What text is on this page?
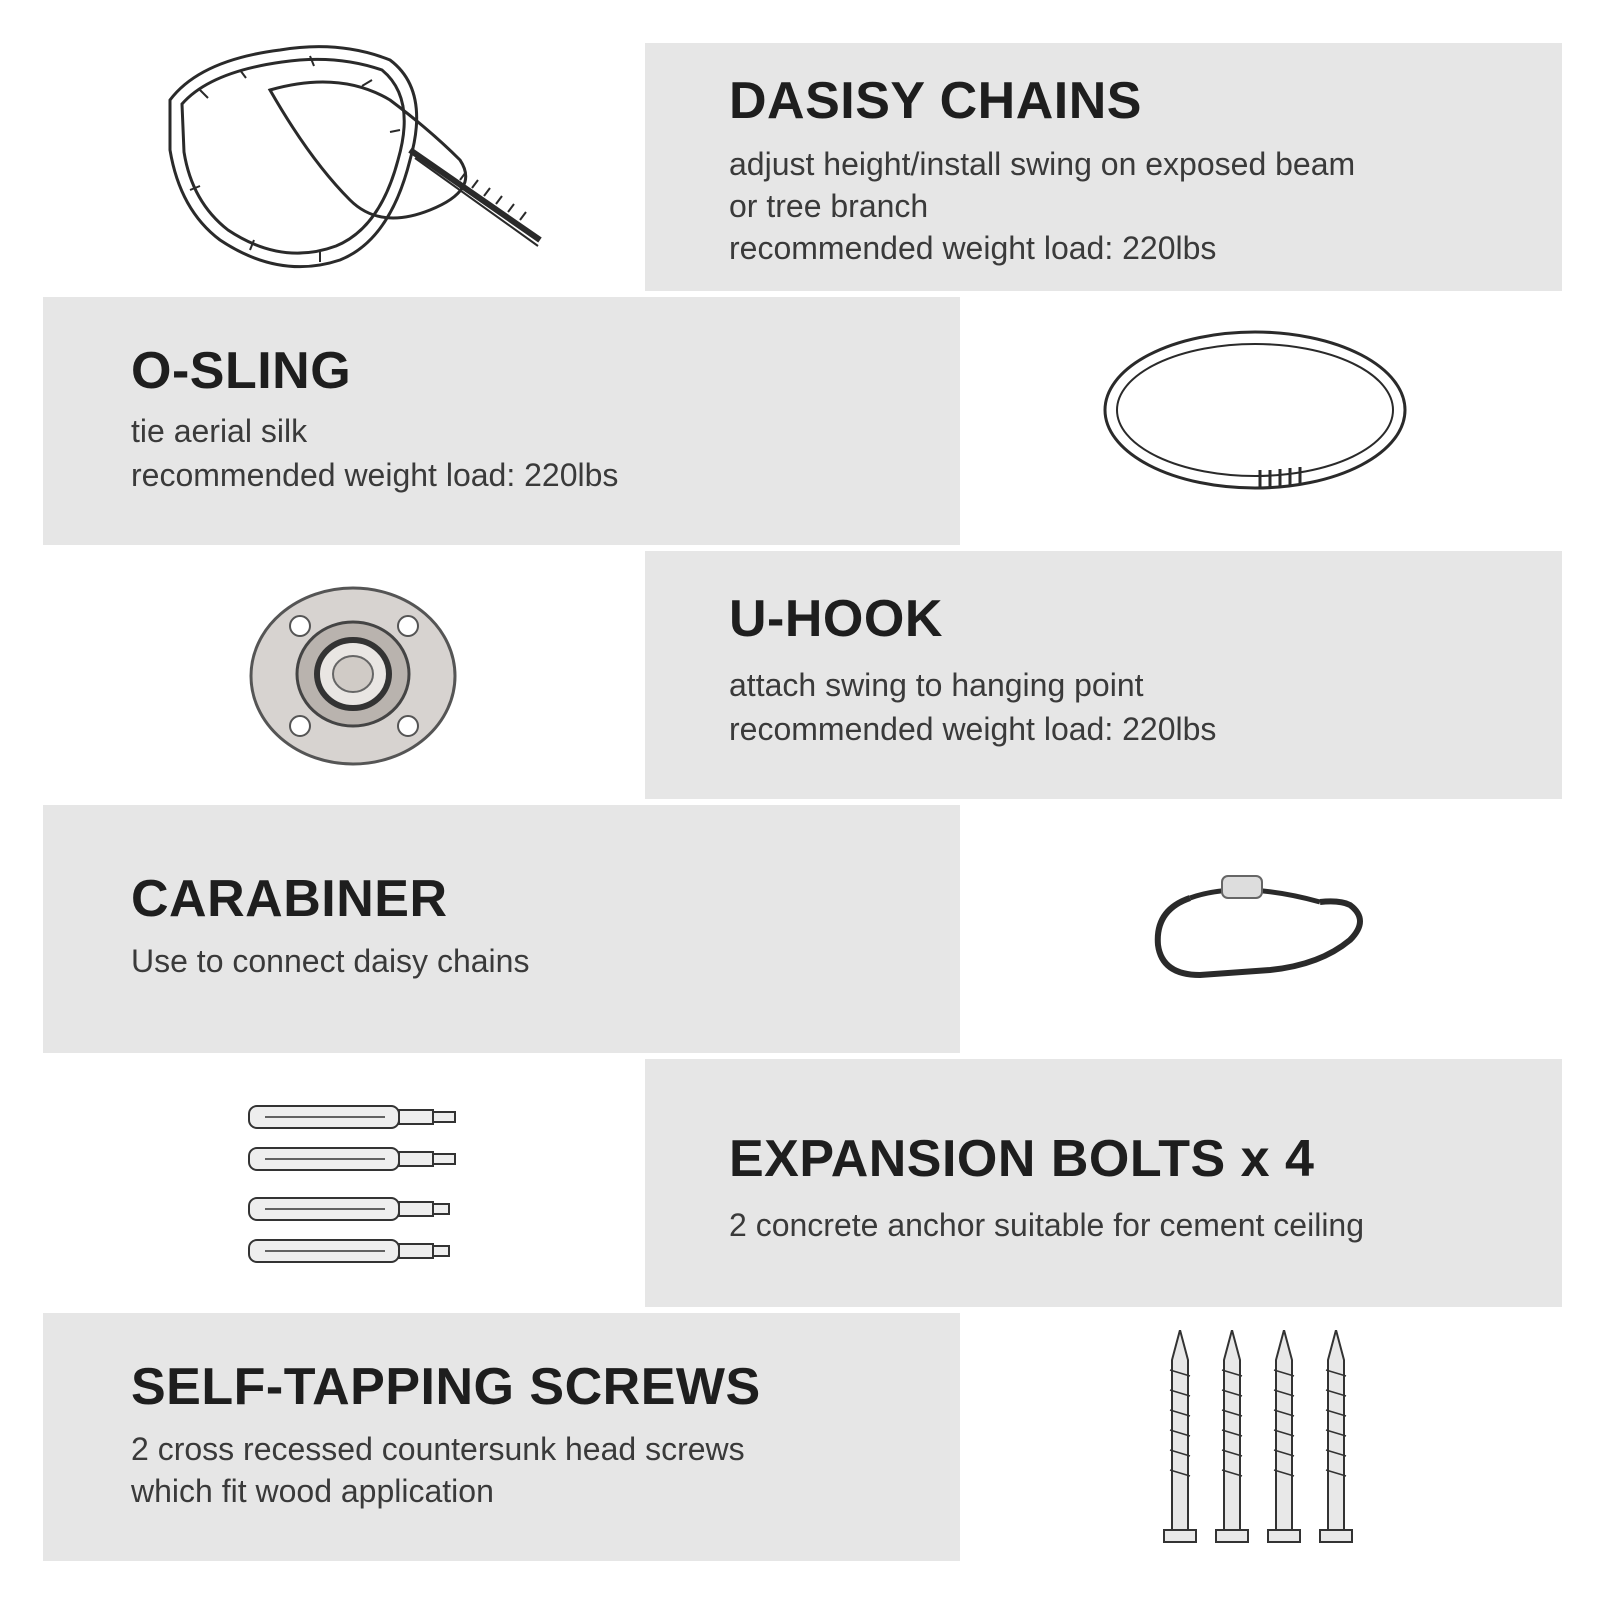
DASISY CHAINS
adjust height/install swing on exposed beam
or tree branch
recommended weight load: 220lbs
O-SLING
tie aerial silk
recommended weight load: 220lbs
U-HOOK
attach swing to hanging point
recommended weight load: 220lbs
CARABINER
Use to connect daisy chains
EXPANSION BOLTS x 4
2 concrete anchor suitable for cement ceiling
SELF-TAPPING SCREWS
2 cross recessed countersunk head screws
which fit wood application
